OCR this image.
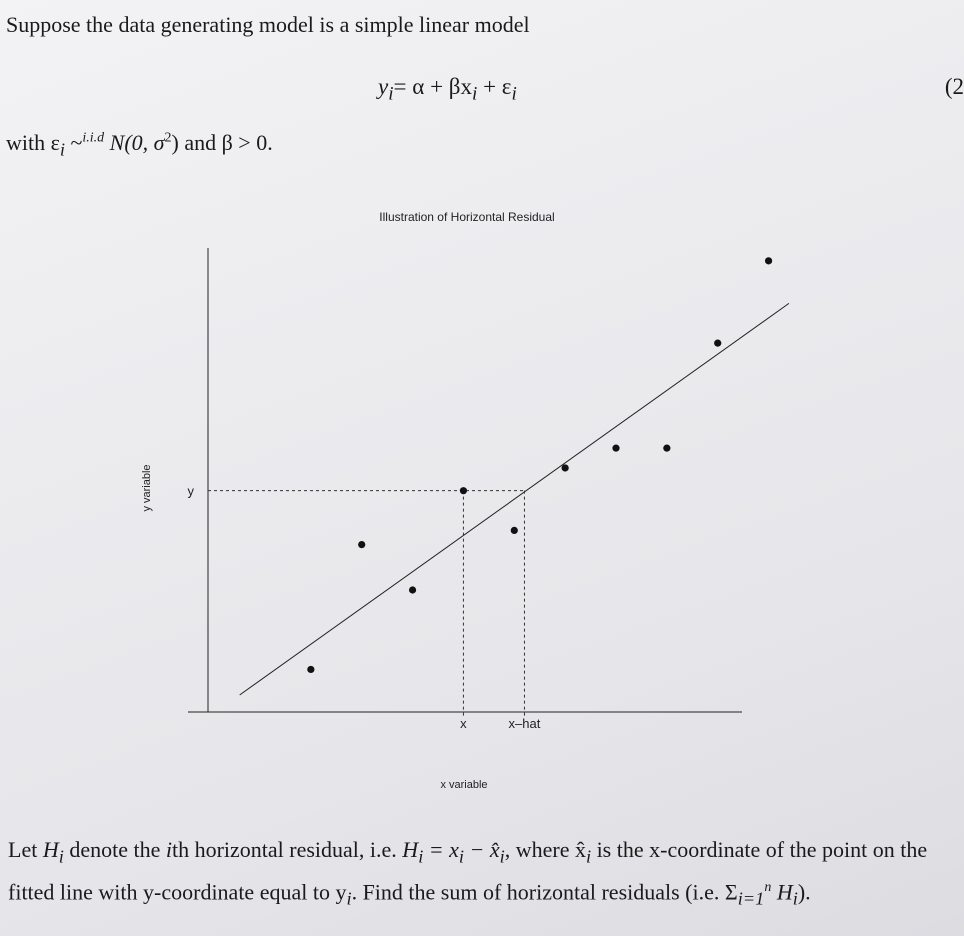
Suppose the data generating model is a simple linear model
$y_i= \alpha + \beta x_i + \varepsilon_i$	(2
with $\varepsilon_i$ ~$^{i.i.d}$ N(0, $\sigma^2$) and β > 0.
Illustration of Horizontal Residual
x variable
y variable	y
x	x–hat
Let $H_i$ denote the ith horizontal residual, i.e. $H_i = x_i$ − $x̂_i$, where $x̂_i$ is the x-coordinate of the point on the fitted line with y-coordinate equal to $y_i$. Find the sum of horizontal residuals (i.e. $\Sigma_{i=1}^n$ $H_i$).
